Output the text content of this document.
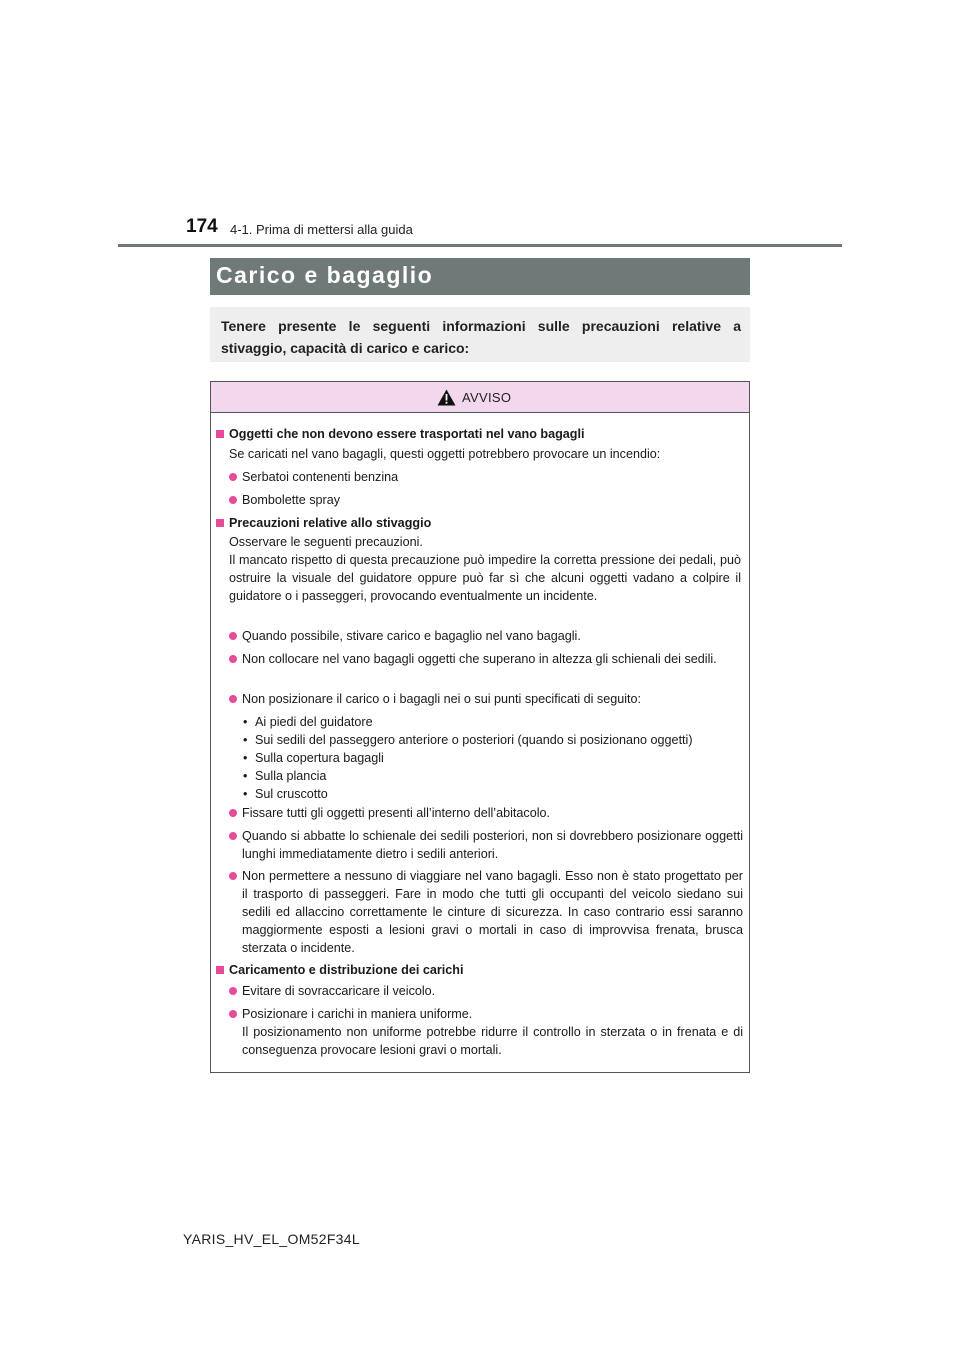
174 4-1. Prima di mettersi alla guida
Carico e bagaglio

Tenere presente le seguenti informazioni sulle precauzioni relative a stivaggio, capacità di carico e carico:

AVVISO
Oggetti che non devono essere trasportati nel vano bagagli
Se caricati nel vano bagagli, questi oggetti potrebbero provocare un incendio:
Serbatoi contenenti benzina
Bombolette spray
Precauzioni relative allo stivaggio
Osservare le seguenti precauzioni.
Il mancato rispetto di questa precauzione può impedire la corretta pressione dei pedali, può ostruire la visuale del guidatore oppure può far sì che alcuni oggetti vadano a colpire il guidatore o i passeggeri, provocando eventualmente un incidente.
Quando possibile, stivare carico e bagaglio nel vano bagagli.
Non collocare nel vano bagagli oggetti che superano in altezza gli schienali dei sedili.
Non posizionare il carico o i bagagli nei o sui punti specificati di seguito:
• Ai piedi del guidatore
• Sui sedili del passeggero anteriore o posteriori (quando si posizionano oggetti)
• Sulla copertura bagagli
• Sulla plancia
• Sul cruscotto
Fissare tutti gli oggetti presenti all’interno dell’abitacolo.
Quando si abbatte lo schienale dei sedili posteriori, non si dovrebbero posizionare oggetti lunghi immediatamente dietro i sedili anteriori.
Non permettere a nessuno di viaggiare nel vano bagagli. Esso non è stato progettato per il trasporto di passeggeri. Fare in modo che tutti gli occupanti del veicolo siedano sui sedili ed allaccino correttamente le cinture di sicurezza. In caso contrario essi saranno maggiormente esposti a lesioni gravi o mortali in caso di improvvisa frenata, brusca sterzata o incidente.
Caricamento e distribuzione dei carichi
Evitare di sovraccaricare il veicolo.
Posizionare i carichi in maniera uniforme.
Il posizionamento non uniforme potrebbe ridurre il controllo in sterzata o in frenata e di conseguenza provocare lesioni gravi o mortali.
YARIS_HV_EL_OM52F34L
